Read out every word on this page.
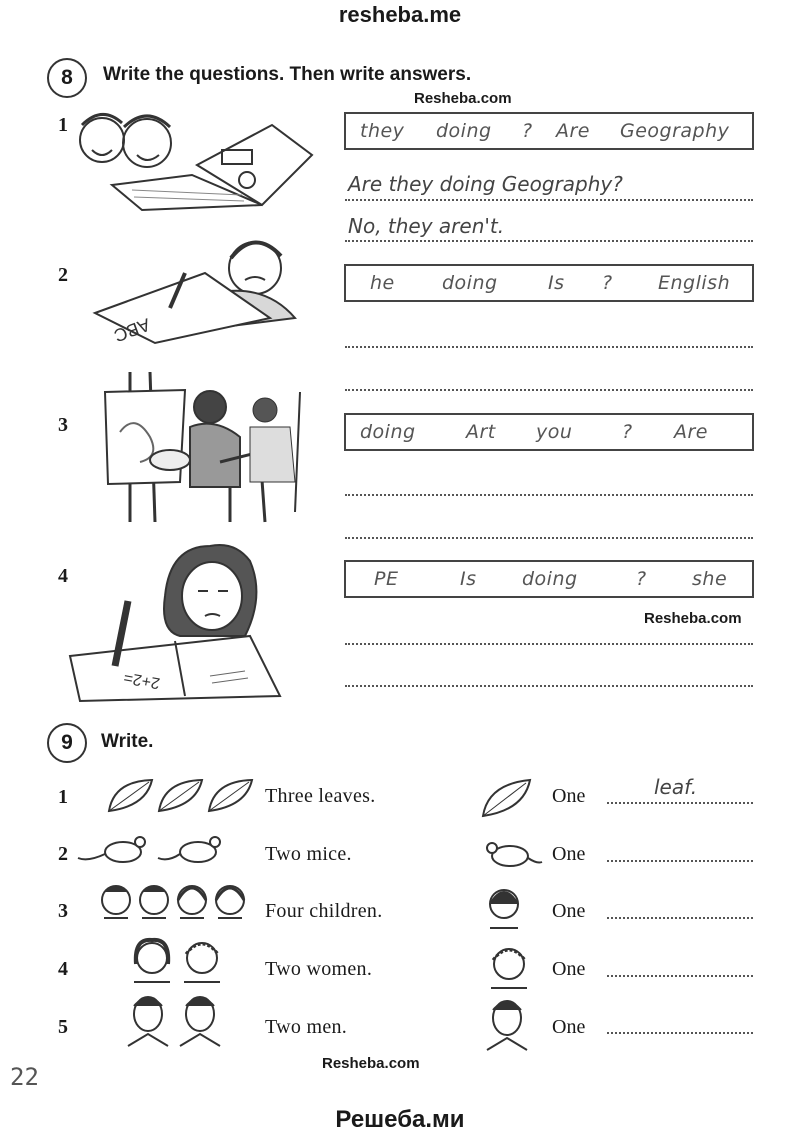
resheba.me
8	Write the questions. Then write answers.
Resheba.com
1	they doing ? Are Geography
Are they doing Geography?
No, they aren't.
2
ABC
he doing	Is ? English
3	doing	Art you	? Are
4
2+2=
PE	Is doing	? she
Resheba.com
9	Write.
1	Three leaves.	One	leaf.
2	Two mice.	One
3	Four children.	One
4	Two women.	One
5	Two men.	One
Resheba.com
22
Решеба.ми
